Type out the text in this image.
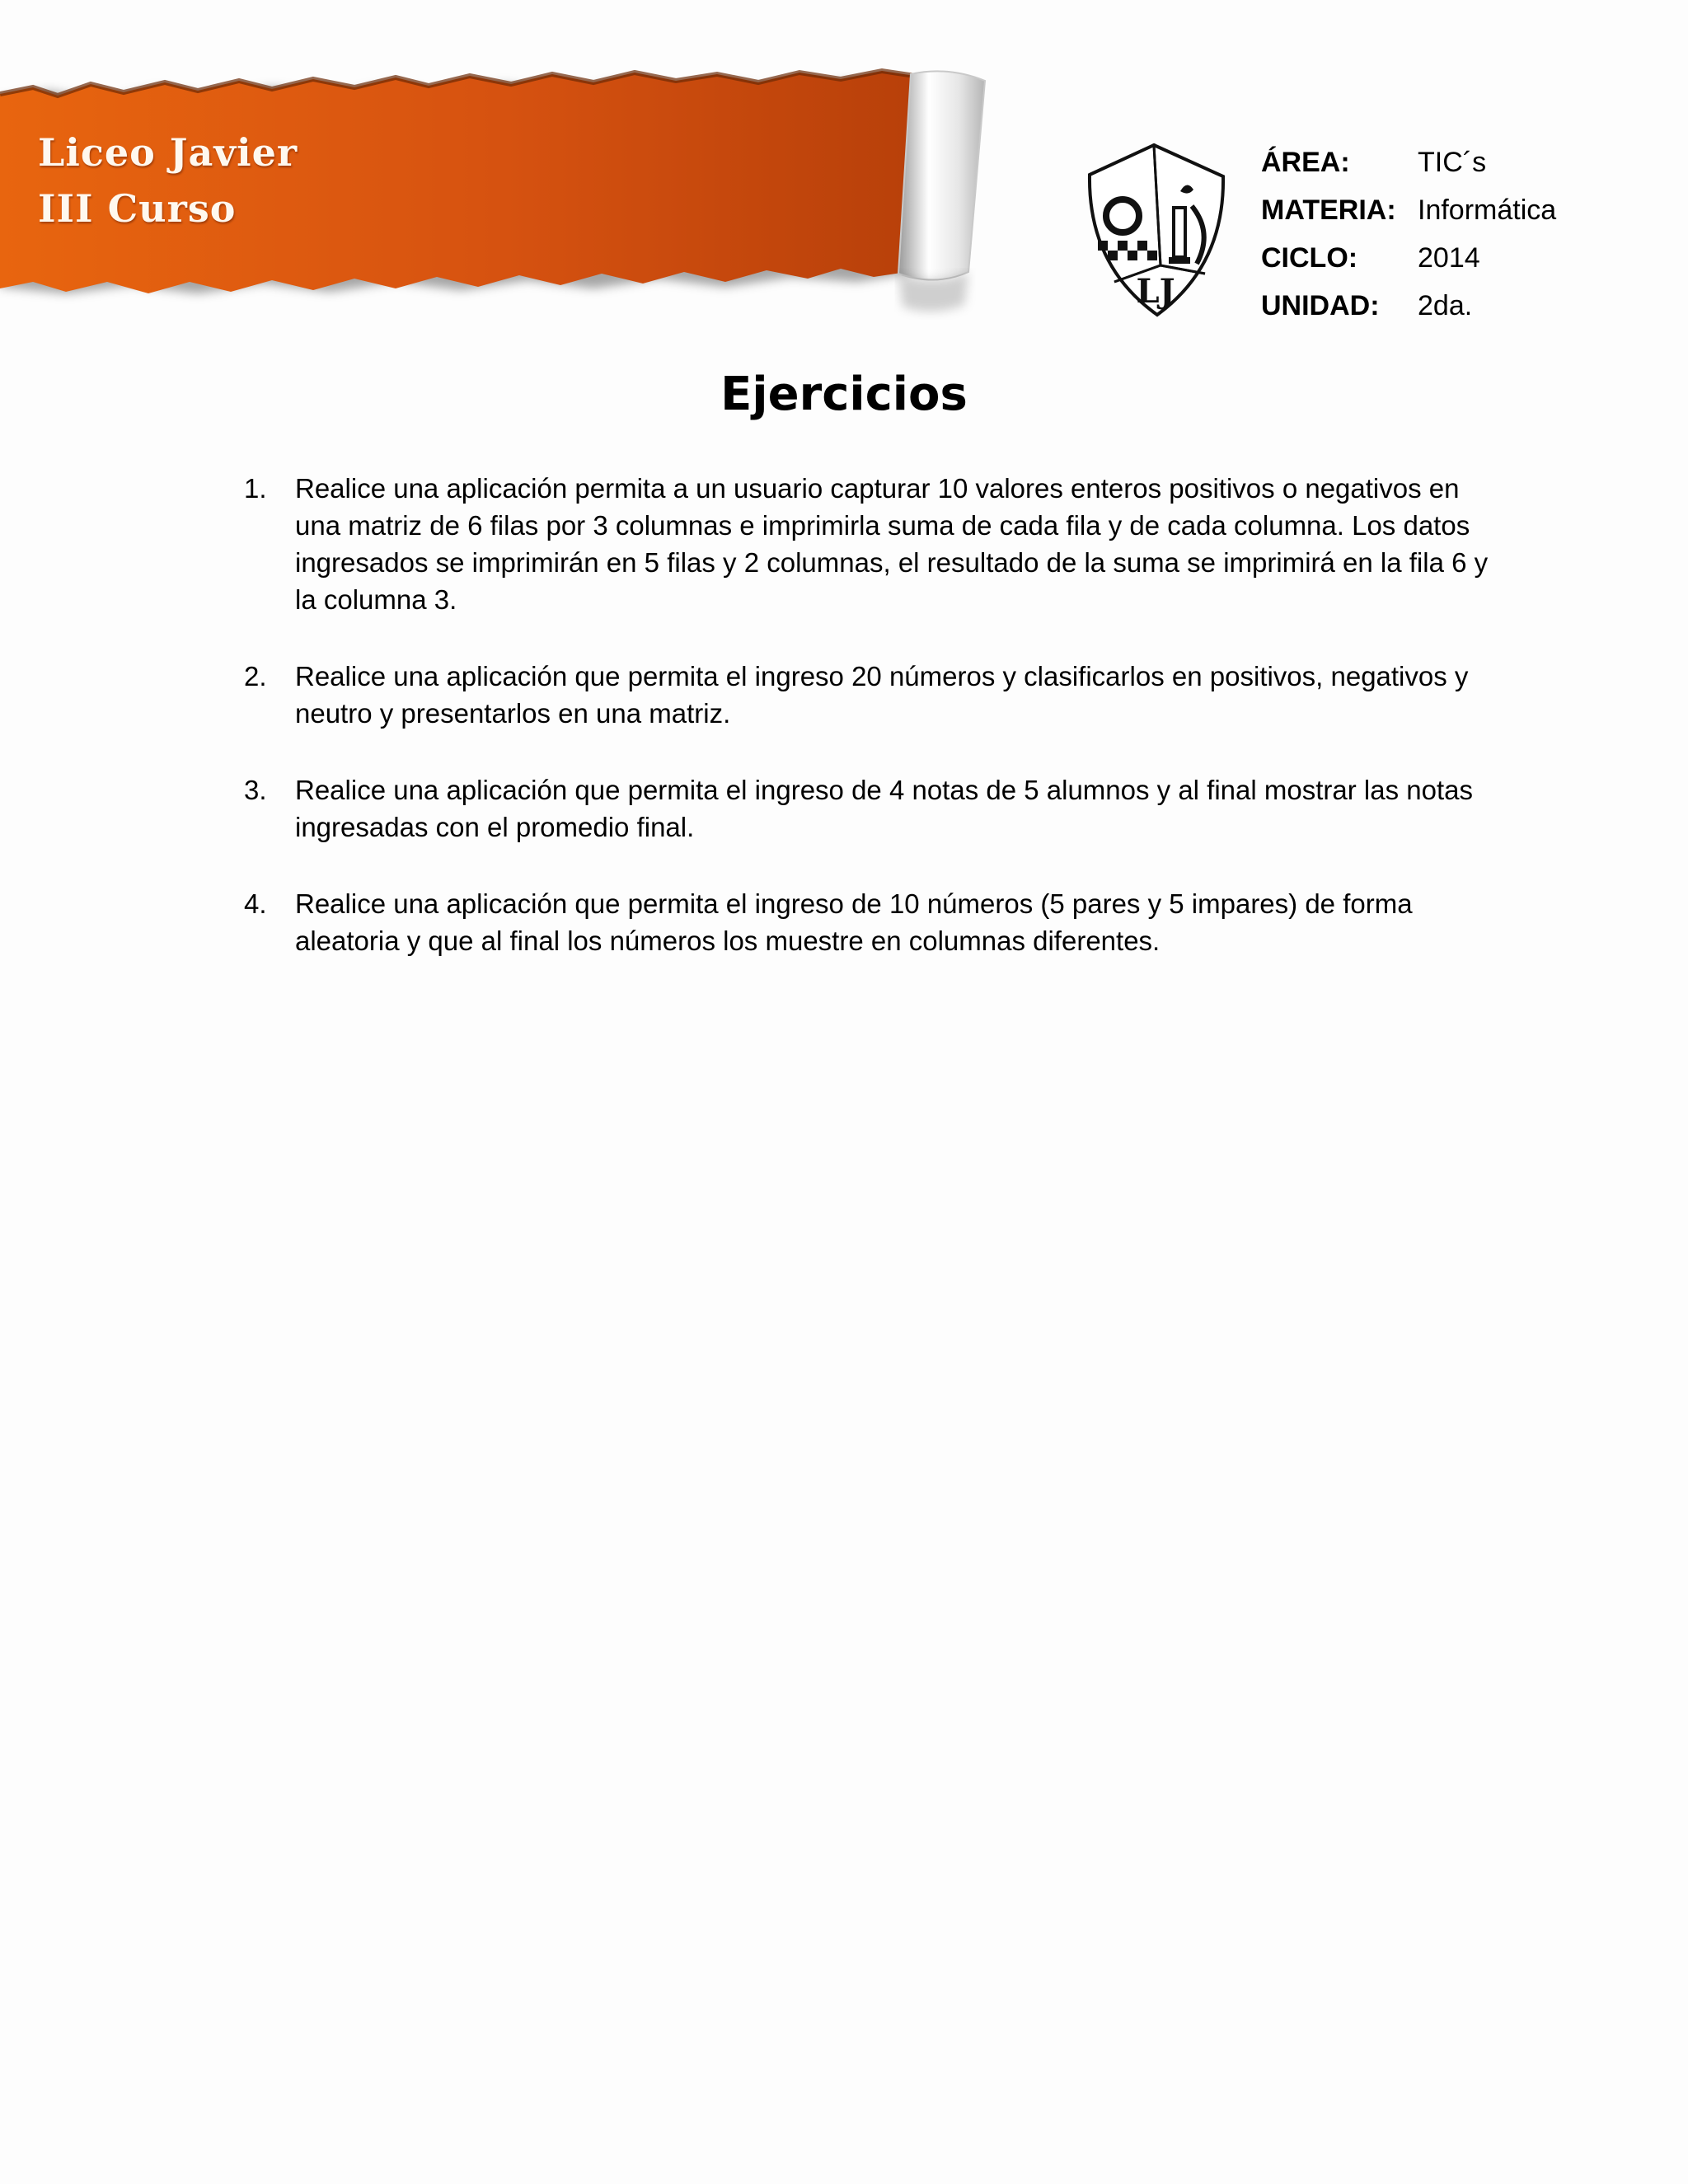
Liceo Javier
III Curso
LJ
ÁREA:	TIC´s
MATERIA: Informática
CICLO:	2014
UNIDAD:	2da.
Ejercicios
1. Realice una aplicación permita a un usuario capturar 10 valores enteros positivos o negativos en una matriz de 6 filas por 3 columnas e imprimirla suma de cada fila y de cada columna. Los datos ingresados se imprimirán en 5 filas y 2 columnas, el resultado de la suma se imprimirá en la fila 6 y la columna 3.
2. Realice una aplicación que permita el ingreso 20 números y clasificarlos en positivos, negativos y neutro y presentarlos en una matriz.
3. Realice una aplicación que permita el ingreso de 4 notas de 5 alumnos y al final mostrar las notas ingresadas con el promedio final.
4. Realice una aplicación que permita el ingreso de 10 números (5 pares y 5 impares) de forma aleatoria y que al final los números los muestre en columnas diferentes.
